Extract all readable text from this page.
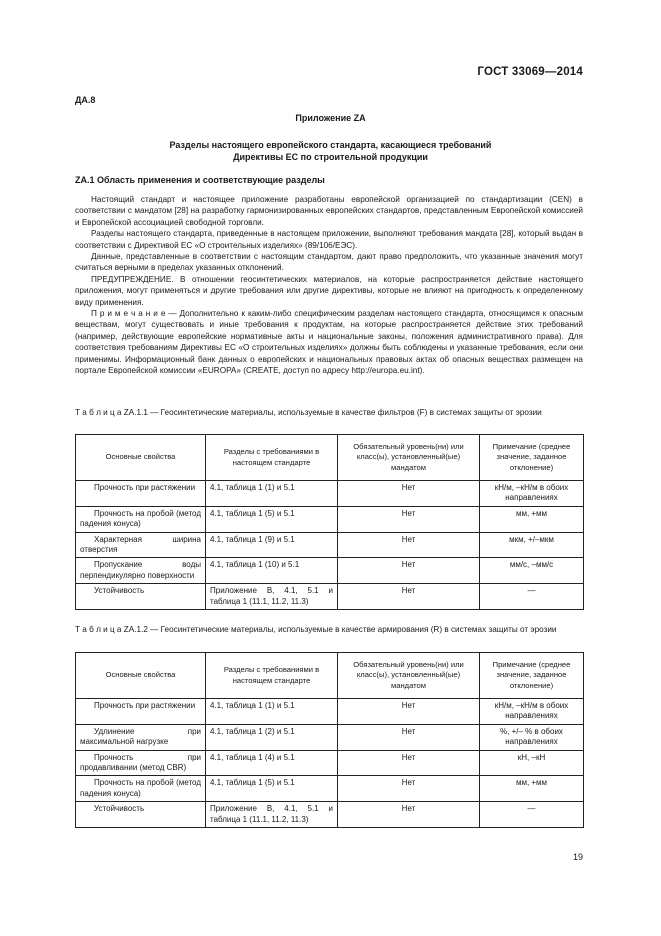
ГОСТ 33069—2014
ДА.8
Приложение ZA
Разделы настоящего европейского стандарта, касающиеся требований
Директивы ЕС по строительной продукции
ZA.1 Область применения и соответствующие разделы

Настоящий стандарт и настоящее приложение разработаны европейской организацией по стандартизации (CEN) в соответствии с мандатом [28] на разработку гармонизированных европейских стандартов, представленным Европейской комиссией и Европейской ассоциацией свободной торговли.

Разделы настоящего стандарта, приведенные в настоящем приложении, выполняют требования мандата [28], который выдан в соответствии с Директивой ЕС «О строительных изделиях» (89/106/ЕЭС).

Данные, представленные в соответствии с настоящим стандартом, дают право предположить, что указанные значения могут считаться верными в пределах указанных отклонений.

ПРЕДУПРЕЖДЕНИЕ. В отношении геосинтетических материалов, на которые распространяется действие настоящего приложения, могут применяться и другие требования или другие директивы, которые не влияют на пригодность к определенному виду применения.

П р и м е ч а н и е — Дополнительно к каким-либо специфическим разделам настоящего стандарта, относящимся к опасным веществам, могут существовать и иные требования к продуктам, на которые распространяется действие этих требований (например, действующие европейские нормативные акты и национальные законы, положения административного права). Для соответствия требованиям Директивы ЕС «О строительных изделиях» должны быть соблюдены и указанные требования, если они применимы. Информационный банк данных о европейских и национальных правовых актах об опасных веществах размещен на портале Европейской комиссии «EUROPA» (CREATE, доступ по адресу http://europa.eu.int).

Т а б л и ц а ZA.1.1 — Геосинтетические материалы, используемые в качестве фильтров (F) в системах защиты от эрозии
Основные свойства	Разделы с требованиями в настоящем стандарте	Обязательный уровень(ни) или класс(ы), установленный(ые) мандатом	Примечание (среднее значение, заданное отклонение)
Прочность при растяжении	4.1, таблица 1 (1) и 5.1	Нет	кН/м, –кН/м в обоих направлениях
Прочность на пробой (метод падения конуса)	4.1, таблица 1 (5) и 5.1	Нет	мм, +мм
Характерная ширина отверстия	4.1, таблица 1 (9) и 5.1	Нет	мкм, +/–мкм
Пропускание воды перпендикулярно поверхности	4.1, таблица 1 (10) и 5.1	Нет	мм/с, –мм/с
Устойчивость	Приложение В, 4.1, 5.1 и таблица 1 (11.1, 11.2, 11.3)	Нет	—
Т а б л и ц а ZA.1.2 — Геосинтетические материалы, используемые в качестве армирования (R) в системах защиты от эрозии
Основные свойства	Разделы с требованиями в настоящем стандарте	Обязательный уровень(ни) или класс(ы), установленный(ые) мандатом	Примечание (среднее значение, заданное отклонение)
Прочность при растяжении	4.1, таблица 1 (1) и 5.1	Нет	кН/м, –кН/м в обоих направлениях
Удлинение при максимальной нагрузке	4.1, таблица 1 (2) и 5.1	Нет	%, +/– % в обоих направлениях
Прочность при продавливании (метод CBR)	4.1, таблица 1 (4) и 5.1	Нет	кН, –кН
Прочность на пробой (метод падения конуса)	4.1, таблица 1 (5) и 5.1	Нет	мм, +мм
Устойчивость	Приложение В, 4.1, 5.1 и таблица 1 (11.1, 11.2, 11.3)	Нет	—
19
